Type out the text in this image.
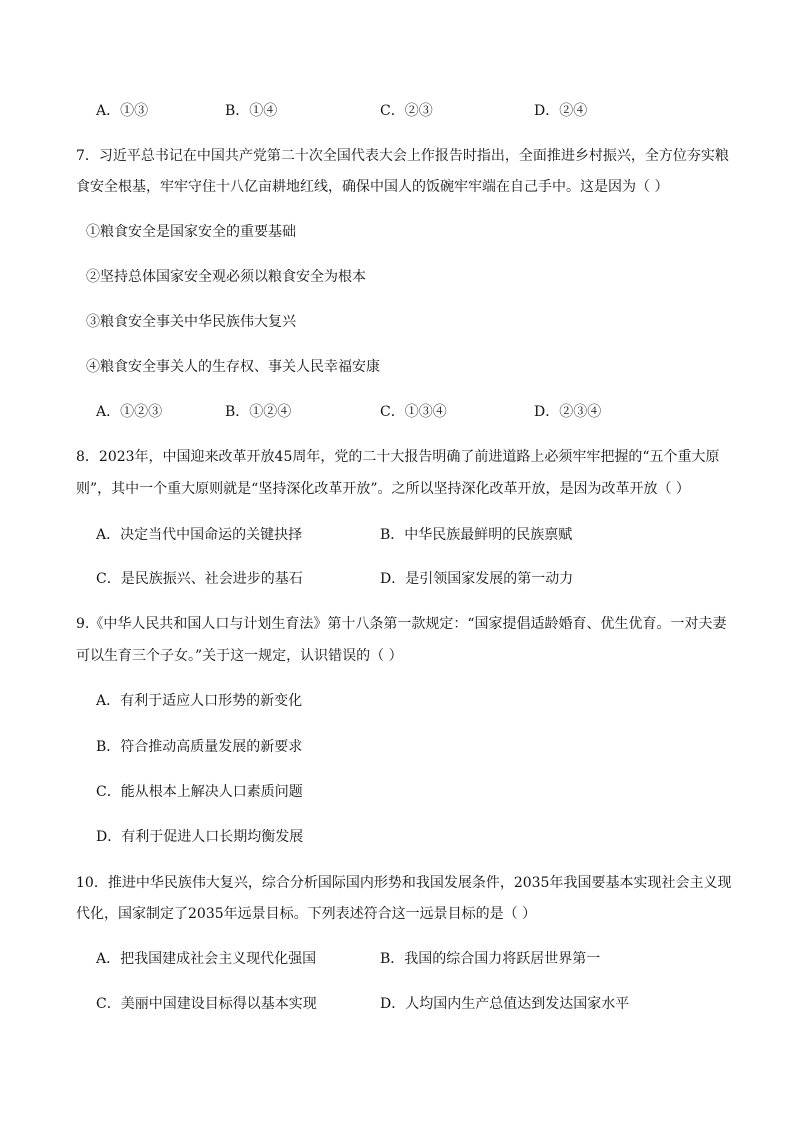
A．①③	B．①④	C．②③	D．②④
7．习近平总书记在中国共产党第二十次全国代表大会上作报告时指出，全面推进乡村振兴，全方位夯实粮
食安全根基，牢牢守住十八亿亩耕地红线，确保中国人的饭碗牢牢端在自己手中。这是因为（ ）
①粮食安全是国家安全的重要基础
②坚持总体国家安全观必须以粮食安全为根本
③粮食安全事关中华民族伟大复兴
④粮食安全事关人的生存权、事关人民幸福安康
A．①②③	B．①②④	C．①③④	D．②③④
8．2023年，中国迎来改革开放45周年，党的二十大报告明确了前进道路上必须牢牢把握的“五个重大原
则”，其中一个重大原则就是“坚持深化改革开放”。之所以坚持深化改革开放，是因为改革开放（ ）
A．决定当代中国命运的关键抉择	B．中华民族最鲜明的民族禀赋
C．是民族振兴、社会进步的基石	D．是引领国家发展的第一动力
9.《中华人民共和国人口与计划生育法》第十八条第一款规定：“国家提倡适龄婚育、优生优育。一对夫妻
可以生育三个子女。”关于这一规定，认识错误的（ ）
A．有利于适应人口形势的新变化
B．符合推动高质量发展的新要求
C．能从根本上解决人口素质问题
D．有利于促进人口长期均衡发展
10．推进中华民族伟大复兴，综合分析国际国内形势和我国发展条件，2035年我国要基本实现社会主义现
代化，国家制定了2035年远景目标。下列表述符合这一远景目标的是（ ）
A．把我国建成社会主义现代化强国	B．我国的综合国力将跃居世界第一
C．美丽中国建设目标得以基本实现	D．人均国内生产总值达到发达国家水平
